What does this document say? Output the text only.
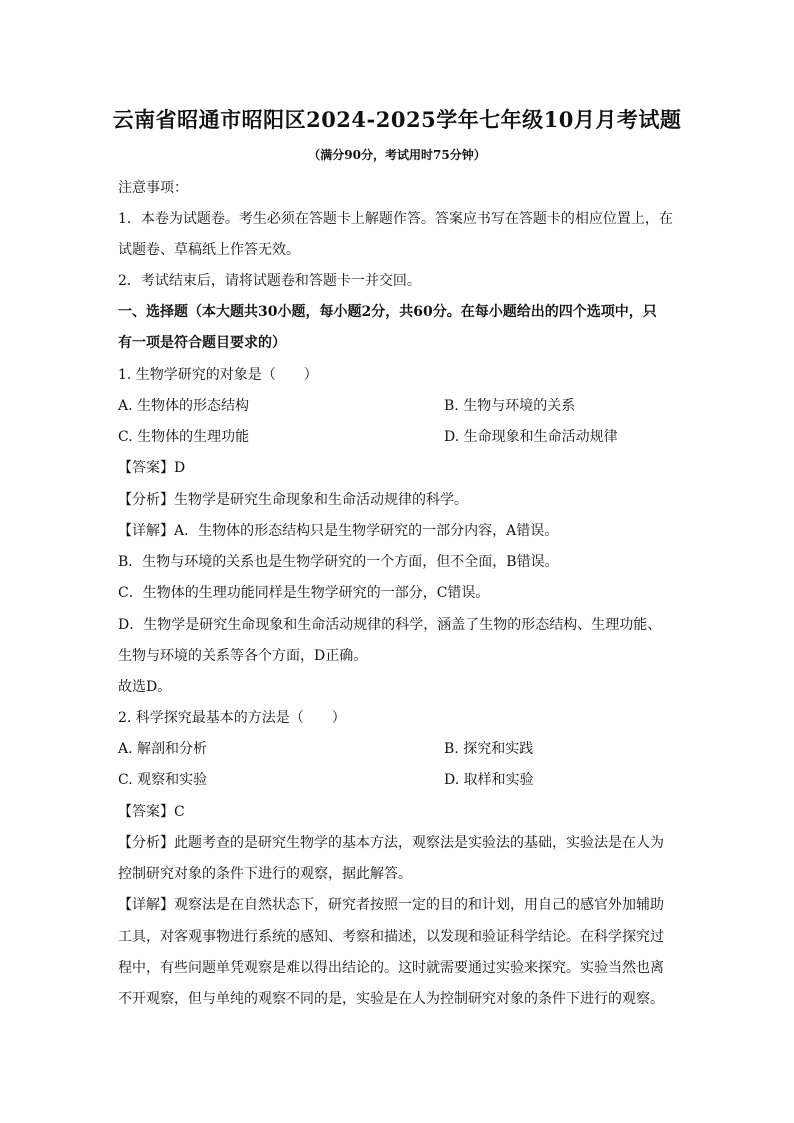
云南省昭通市昭阳区2024-2025学年七年级10月月考试题
（满分90分，考试用时75分钟）
注意事项：
1．本卷为试题卷。考生必须在答题卡上解题作答。答案应书写在答题卡的相应位置上，在
试题卷、草稿纸上作答无效。
2．考试结束后，请将试题卷和答题卡一并交回。
一、选择题（本大题共30小题，每小题2分，共60分。在每小题给出的四个选项中，只
有一项是符合题目要求的）
1. 生物学研究的对象是（　　）
A. 生物体的形态结构	B. 生物与环境的关系
C. 生物体的生理功能	D. 生命现象和生命活动规律
【答案】D
【分析】生物学是研究生命现象和生命活动规律的科学。
【详解】A．生物体的形态结构只是生物学研究的一部分内容，A错误。
B．生物与环境的关系也是生物学研究的一个方面，但不全面，B错误。
C．生物体的生理功能同样是生物学研究的一部分，C错误。
D．生物学是研究生命现象和生命活动规律的科学，涵盖了生物的形态结构、生理功能、
生物与环境的关系等各个方面，D正确。
故选D。
2. 科学探究最基本的方法是（　　）
A. 解剖和分析	B. 探究和实践
C. 观察和实验	D. 取样和实验
【答案】C
【分析】此题考查的是研究生物学的基本方法，观察法是实验法的基础，实验法是在人为
控制研究对象的条件下进行的观察，据此解答。
【详解】观察法是在自然状态下，研究者按照一定的目的和计划，用自己的感官外加辅助
工具，对客观事物进行系统的感知、考察和描述，以发现和验证科学结论。在科学探究过
程中，有些问题单凭观察是难以得出结论的。这时就需要通过实验来探究。实验当然也离
不开观察，但与单纯的观察不同的是，实验是在人为控制研究对象的条件下进行的观察。
